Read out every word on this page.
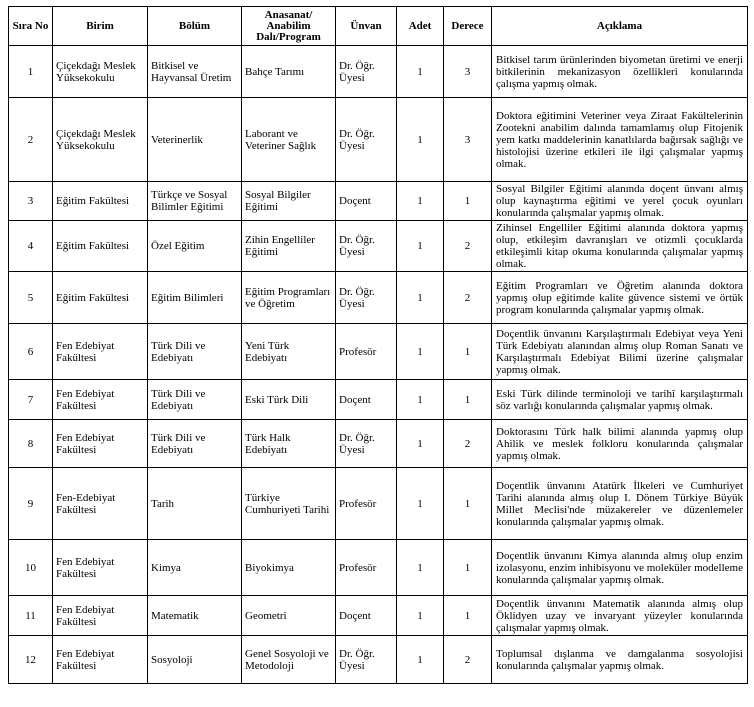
Sıra No	Birim	Bölüm	Anasanat/ Anabilim Dalı/Program	Ünvan	Adet	Derece	Açıklama
1	Çiçekdağı Meslek Yüksekokulu	Bitkisel ve Hayvansal Üretim	Bahçe Tarımı	Dr. Öğr. Üyesi	1	3	Bitkisel tarım ürünlerinden biyometan üretimi ve enerji bitkilerinin mekanizasyon özellikleri konularında çalışma yapmış olmak.
2	Çiçekdağı Meslek Yüksekokulu	Veterinerlik	Laborant ve Veteriner Sağlık	Dr. Öğr. Üyesi	1	3	Doktora eğitimini Veteriner veya Ziraat Fakültelerinin Zootekni anabilim dalında tamamlamış olup Fitojenik yem katkı maddelerinin kanatlılarda bağırsak sağlığı ve histolojisi üzerine etkileri ile ilgi çalışmalar yapmış olmak.
3	Eğitim Fakültesi	Türkçe ve Sosyal Bilimler Eğitimi	Sosyal Bilgiler Eğitimi	Doçent	1	1	Sosyal Bilgiler Eğitimi alanında doçent ünvanı almış olup kaynaştırma eğitimi ve yerel çocuk oyunları konularında çalışmalar yapmış olmak.
4	Eğitim Fakültesi	Özel Eğitim	Zihin Engelliler Eğitimi	Dr. Öğr. Üyesi	1	2	Zihinsel Engelliler Eğitimi alanında doktora yapmış olup, etkileşim davranışları ve otizmli çocuklarda etkileşimli kitap okuma konularında çalışmalar yapmış olmak.
5	Eğitim Fakültesi	Eğitim Bilimleri	Eğitim Programları ve Öğretim	Dr. Öğr. Üyesi	1	2	Eğitim Programları ve Öğretim alanında doktora yapmış olup eğitimde kalite güvence sistemi ve örtük program konularında çalışmalar yapmış olmak.
6	Fen Edebiyat Fakültesi	Türk Dili ve Edebiyatı	Yeni Türk Edebiyatı	Profesör	1	1	Doçentlik ünvanını Karşılaştırmalı Edebiyat veya Yeni Türk Edebiyatı alanından almış olup Roman Sanatı ve Karşılaştırmalı Edebiyat Bilimi üzerine çalışmalar yapmış olmak.
7	Fen Edebiyat Fakültesi	Türk Dili ve Edebiyatı	Eski Türk Dili	Doçent	1	1	Eski Türk dilinde terminoloji ve tarihî karşılaştırmalı söz varlığı konularında çalışmalar yapmış olmak.
8	Fen Edebiyat Fakültesi	Türk Dili ve Edebiyatı	Türk Halk Edebiyatı	Dr. Öğr. Üyesi	1	2	Doktorasını Türk halk bilimi alanında yapmış olup Ahilik ve meslek folkloru konularında çalışmalar yapmış olmak.
9	Fen-Edebiyat Fakültesi	Tarih	Türkiye Cumhuriyeti Tarihi	Profesör	1	1	Doçentlik ünvanını Atatürk İlkeleri ve Cumhuriyet Tarihi alanında almış olup I. Dönem Türkiye Büyük Millet Meclisi'nde müzakereler ve düzenlemeler konularında çalışmalar yapmış olmak.
10	Fen Edebiyat Fakültesi	Kimya	Biyokimya	Profesör	1	1	Doçentlik ünvanını Kimya alanında almış olup enzim izolasyonu, enzim inhibisyonu ve moleküler modelleme konularında çalışmalar yapmış olmak.
11	Fen Edebiyat Fakültesi	Matematik	Geometri	Doçent	1	1	Doçentlik ünvanını Matematik alanında almış olup Öklidyen uzay ve invaryant yüzeyler konularında çalışmalar yapmış olmak.
12	Fen Edebiyat Fakültesi	Sosyoloji	Genel Sosyoloji ve Metodoloji	Dr. Öğr. Üyesi	1	2	Toplumsal dışlanma ve damgalanma sosyolojisi konularında çalışmalar yapmış olmak.
